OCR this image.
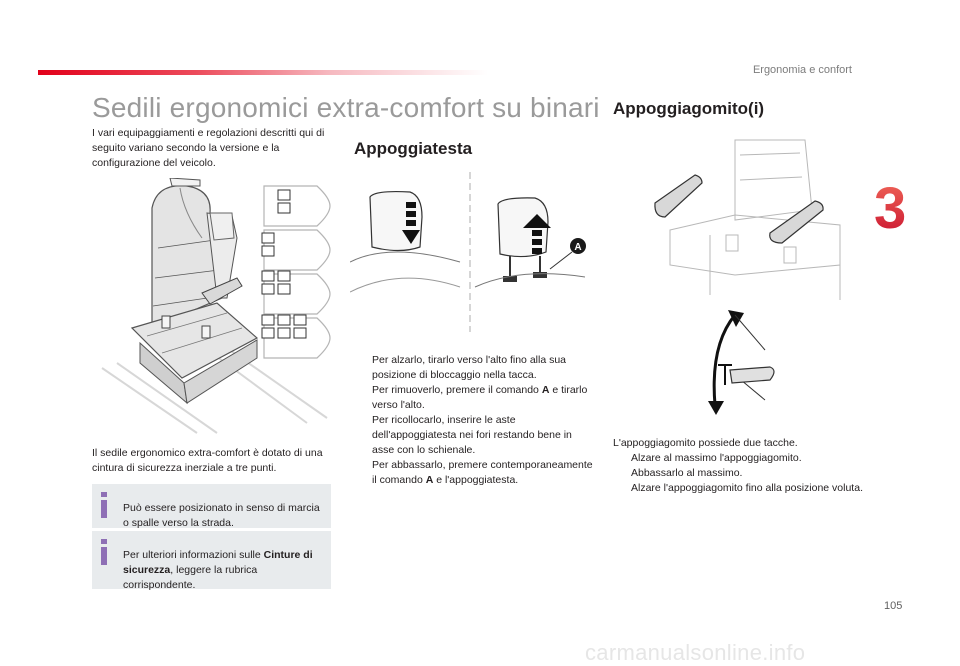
Ergonomia e confort
3
Sedili ergonomici extra-comfort su binari

I vari equipaggiamenti e regolazioni descritti qui di seguito variano secondo la versione e la configurazione del veicolo.

Il sedile ergonomico extra-comfort è dotato di una cintura di sicurezza inerziale a tre punti.

Può essere posizionato in senso di marcia o spalle verso la strada.

Per ulteriori informazioni sulle Cinture di sicurezza, leggere la rubrica corrispondente.

Appoggiatesta
A
Per alzarlo, tirarlo verso l'alto fino alla sua posizione di bloccaggio nella tacca.
Per rimuoverlo, premere il comando A e tirarlo verso l'alto.
Per ricollocarlo, inserire le aste dell'appoggiatesta nei fori restando bene in asse con lo schienale.
Per abbassarlo, premere contemporaneamente il comando A e l'appoggiatesta.
Appoggiagomito(i)

L'appoggiagomito possiede due tacche.

Alzare al massimo l'appoggiagomito.
Abbassarlo al massimo.
Alzare l'appoggiagomito fino alla posizione voluta.
105
carmanualsonline.info
